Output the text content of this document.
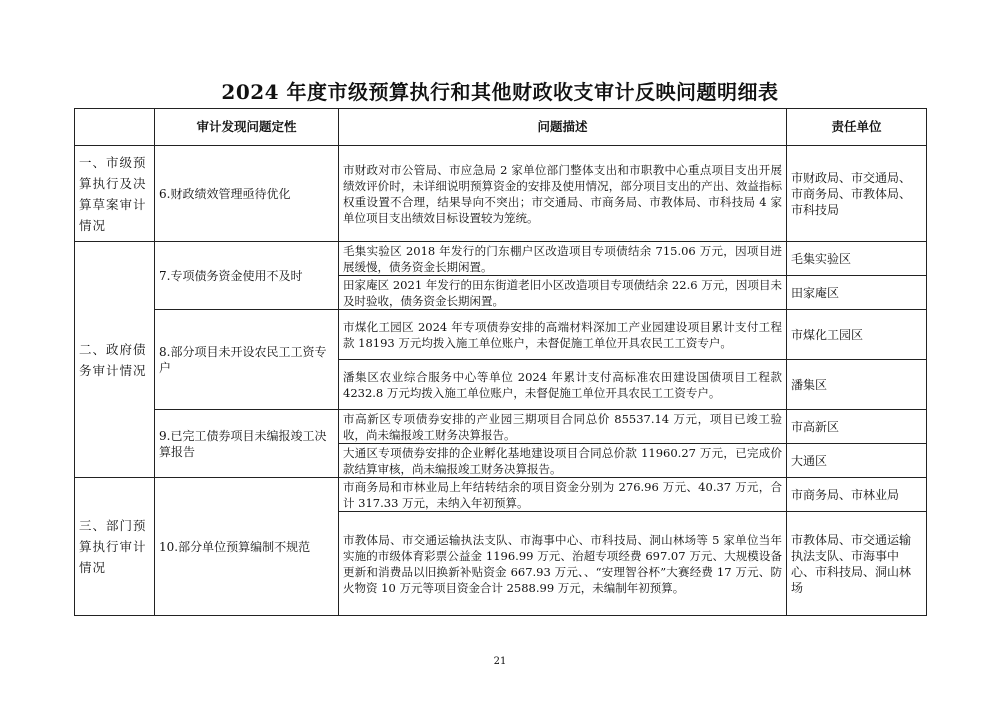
2024 年度市级预算执行和其他财政收支审计反映问题明细表
	审计发现问题定性	问题描述	责任单位
一、市级预算执行及决算草案审计情况	6.财政绩效管理亟待优化	市财政对市公管局、市应急局 2 家单位部门整体支出和市职教中心重点项目支出开展绩效评价时，未详细说明预算资金的安排及使用情况，部分项目支出的产出、效益指标权重设置不合理，结果导向不突出；市交通局、市商务局、市教体局、市科技局 4 家单位项目支出绩效目标设置较为笼统。	市财政局、市交通局、市商务局、市教体局、市科技局
二、政府债务审计情况	7.专项债务资金使用不及时	毛集实验区 2018 年发行的门东棚户区改造项目专项债结余 715.06 万元，因项目进展缓慢，债务资金长期闲置。	毛集实验区
		田家庵区 2021 年发行的田东街道老旧小区改造项目专项债结余 22.6 万元，因项目未及时验收，债务资金长期闲置。	田家庵区
	8.部分项目未开设农民工工资专户	市煤化工园区 2024 年专项债券安排的高端材料深加工产业园建设项目累计支付工程款 18193 万元均拨入施工单位账户，未督促施工单位开具农民工工资专户。	市煤化工园区
		潘集区农业综合服务中心等单位 2024 年累计支付高标准农田建设国债项目工程款 4232.8 万元均拨入施工单位账户，未督促施工单位开具农民工工资专户。	潘集区
	9.已完工债券项目未编报竣工决算报告	市高新区专项债券安排的产业园三期项目合同总价 85537.14 万元，项目已竣工验收，尚未编报竣工财务决算报告。	市高新区
		大通区专项债券安排的企业孵化基地建设项目合同总价款 11960.27 万元，已完成价款结算审核，尚未编报竣工财务决算报告。	大通区
三、部门预算执行审计情况	10.部分单位预算编制不规范	市商务局和市林业局上年结转结余的项目资金分别为 276.96 万元、40.37 万元，合计 317.33 万元，未纳入年初预算。	市商务局、市林业局
		市教体局、市交通运输执法支队、市海事中心、市科技局、洞山林场等 5 家单位当年实施的市级体育彩票公益金 1196.99 万元、治超专项经费 697.07 万元、大规模设备更新和消费品以旧换新补贴资金 667.93 万元、、“安理智谷杯”大赛经费 17 万元、防火物资 10 万元等项目资金合计 2588.99 万元，未编制年初预算。	市教体局、市交通运输执法支队、市海事中心、市科技局、洞山林场
21
